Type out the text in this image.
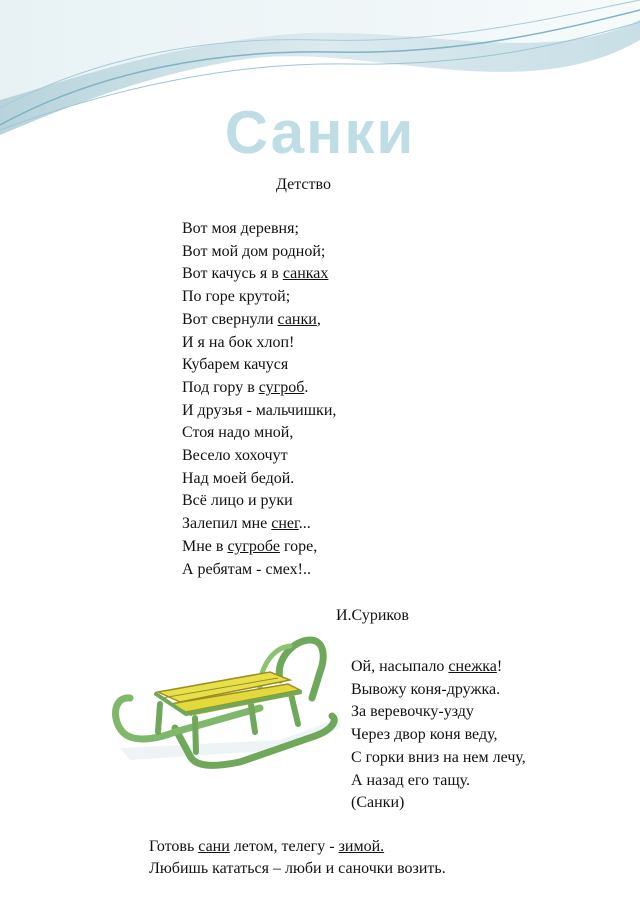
Санки
Детство
Вот моя деревня;
Вот мой дом родной;
Вот качусь я в санках
По горе крутой;
Вот свернули санки,
И я на бок хлоп!
Кубарем качуся
Под гору в сугроб.
И друзья - мальчишки,
Стоя надо мной,
Весело хохочут
Над моей бедой.
Всё лицо и руки
Залепил мне снег...
Мне в сугробе горе,
А ребятам - смех!..
И.Суриков
Ой, насыпало снежка!
Вывожу коня-дружка.
За веревочку-узду
Через двор коня веду,
С горки вниз на нем лечу,
А назад его тащу.
(Санки)
Готовь сани летом, телегу - зимой.
Любишь кататься – люби и саночки возить.
